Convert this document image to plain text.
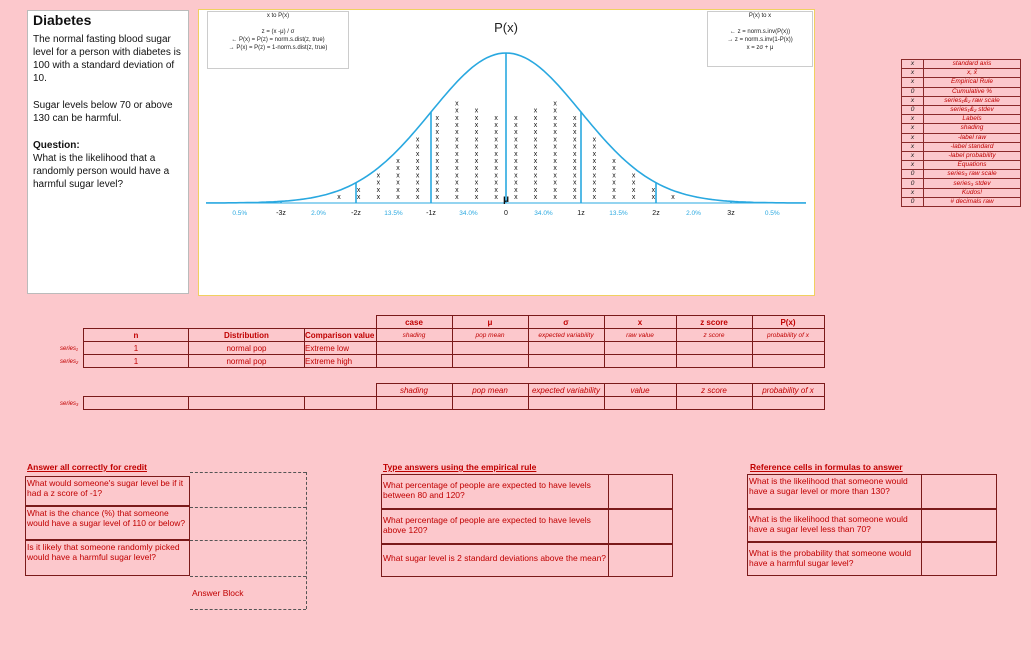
Diabetes

The normal fasting blood sugar level for a person with diabetes is 100 with a standard deviation of 10.

Sugar levels below 70 or above 130 can be harmful.

Question:

What is the likelihood that a randomly person would have a harmful sugar level?

P(x)
x x
x
x
x
x
x
x
x
x
x
x
x
x
x
x
x
x
x
x
x
x
x
x
x
x
x
x
x
x
x
x
x
x
x
x
x
x
x
x
x
x
x
x
x
x
x
x
x
x
x
x
x
x
x
x
x
x
x
x
x
x
x
x
x
x
x
x
x
x
x
x
x
x
x
x
x
x
x
x
x
x
x
x
x
x
x
x
x
x
x
x
x
x
x
x
x
x
x
x
x
x
x
x
x
x
x
x
x
x
x
x
x
x
x
x
x
x
x
x
x
x
x
x
x
x
x
x
x
x
x
x
x
x
x
x
x
x
x
x
x
x
x
x
x
x
μ
-3z	-2z	-1z	0	1z	2z	3z
0.5%	2.0%	13.5%	34.0%	34.0%	13.5%	2.0%	0.5%
x to P(x)
z = (x -μ) / σ
← P(x) = P(z) = norm.s.dist(z, true)
→ P(x) = P(z) = 1-norm.s.dist(z, true)
P(x) to x
← z = norm.s.inv(P(x))
→ z = norm.s.inv(1-P(x))
x = zσ + μ
x	standard axis
x	x, x̄
x	Empirical Rule
0	Cumulative %
x	series₁&₂ raw scale
0	series₁&₂ stdev
x	Labels
x	shading
x	-label raw
x	-label standard
x	-label probability
x	Equations
0	series₃ raw scale
0	series₃ stdev
x	Kudos!
0	# decimals raw
series₁
series₂
			case	μ	σ	x	z score	P(x)
n	Distribution	Comparison value	shading	pop mean	expected variability	raw value	z score	probability of x
1	normal pop	Extreme low						
1	normal pop	Extreme high						
series₃
			shading	pop mean	expected variability	value	z score	probability of x

Answer all correctly for credit
What would someone's sugar level be if it had a z score of -1?
What is the chance (%) that someone would have a sugar level of 110 or below?
Is it likely that someone randomly picked would have a harmful sugar level?
Answer Block
Type answers using the empirical rule
What percentage of people are expected to have levels between 80 and 120?
What percentage of people are expected to have levels above 120?
What sugar level is 2 standard deviations above the mean?
Reference cells in formulas to answer
What is the likelihood that someone would have a sugar level or more than 130?
What is the likelihood that someone would have a sugar level less than 70?
What is the probability that someone would have a harmful sugar level?
